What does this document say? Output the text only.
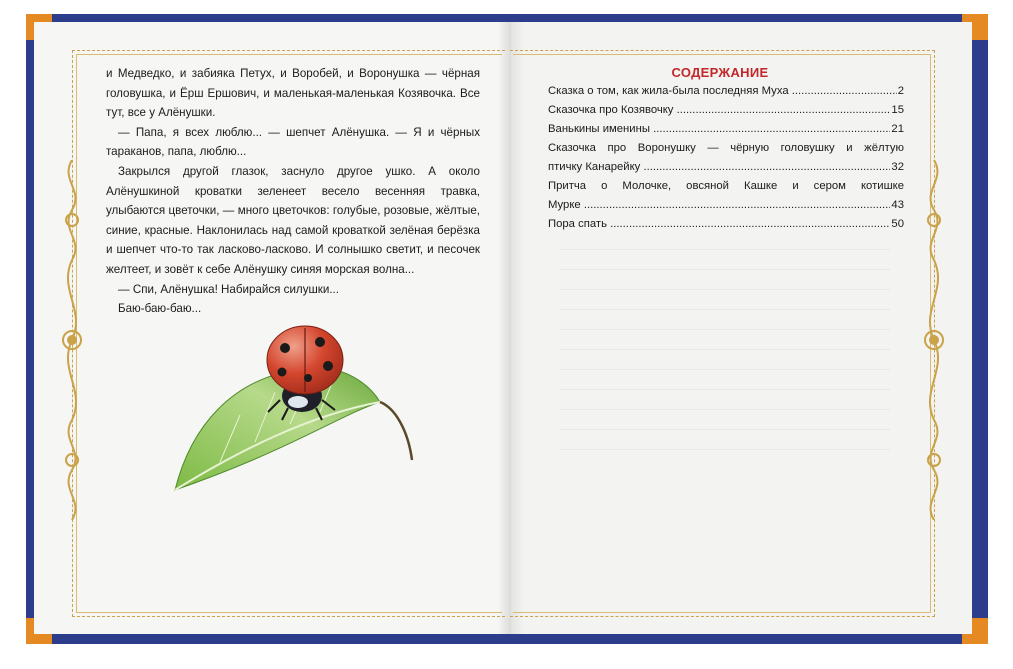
и Медведко, и забияка Петух, и Воробей, и Воронушка — чёрная головушка, и Ёрш Ершович, и маленькая-маленькая Козявочка. Все тут, все у Алёнушки.

— Папа, я всех люблю... — шепчет Алёнушка. — Я и чёрных тараканов, папа, люблю...

Закрылся другой глазок, заснуло другое ушко. А около Алёнушкиной кроватки зеленеет весело весенняя травка, улыбаются цветочки, — много цветочков: голубые, розовые, жёлтые, синие, красные. Наклонилась над самой кроваткой зелёная берёзка и шепчет что-то так ласково-ласково. И солнышко светит, и песочек желтеет, и зовёт к себе Алёнушку синяя морская волна...

— Спи, Алёнушка! Набирайся силушки...

Баю-баю-баю...

СОДЕРЖАНИЕ
Сказка о том, как жила-была последняя Муха .....	2
Сказочка про Козявочку .....	15
Ванькины именины .....	21
Сказочка про Воронушку — чёрную головушку и жёлтую
птичку Канарейку .....	32
Притча о Молочке, овсяной Кашке и сером котишке
Мурке .....	43
Пора спать .....	50
